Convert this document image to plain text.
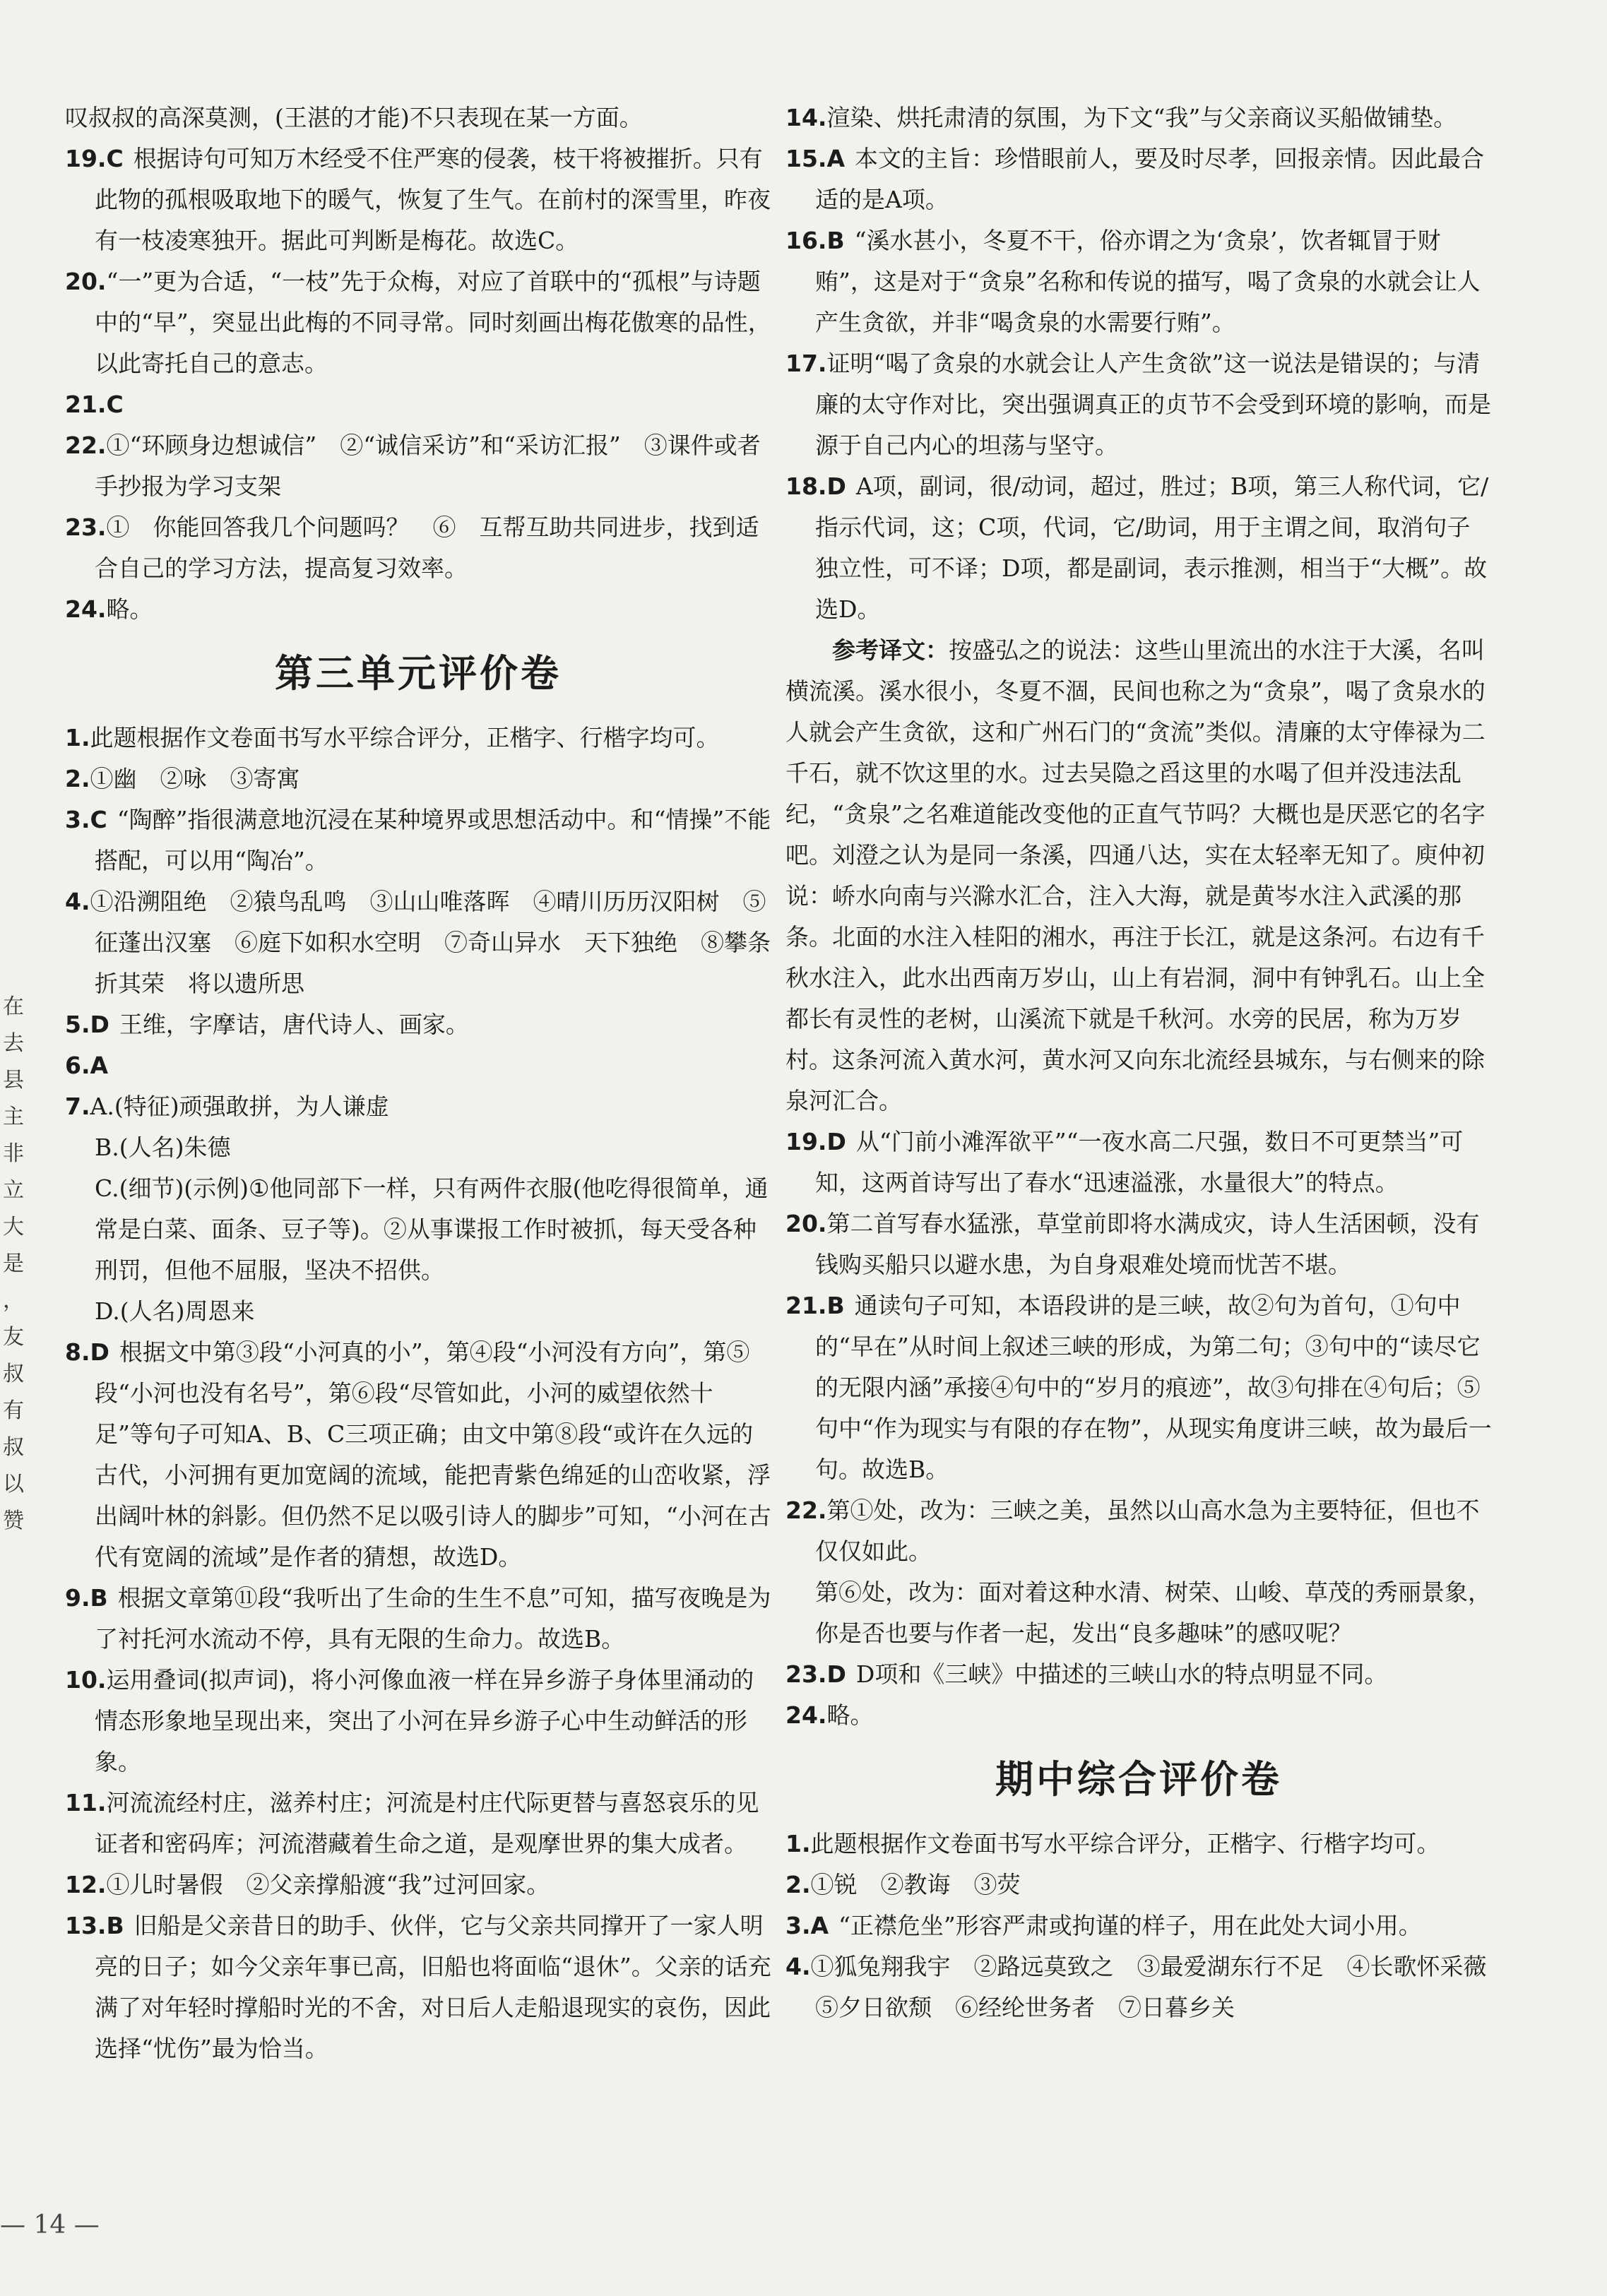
叹叔叔的高深莫测，(王湛的才能)不只表现在某一方面。
19.C 根据诗句可知万木经受不住严寒的侵袭，枝干将被摧折。只有此物的孤根吸取地下的暖气，恢复了生气。在前村的深雪里，昨夜有一枝凌寒独开。据此可判断是梅花。故选C。
20.“一”更为合适，“一枝”先于众梅，对应了首联中的“孤根”与诗题中的“早”，突显出此梅的不同寻常。同时刻画出梅花傲寒的品性，以此寄托自己的意志。
21.C
22.①“环顾身边想诚信”　②“诚信采访”和“采访汇报”　③课件或者手抄报为学习支架
23.①　你能回答我几个问题吗？　⑥　互帮互助共同进步，找到适合自己的学习方法，提高复习效率。
24.略。
第三单元评价卷
1.此题根据作文卷面书写水平综合评分，正楷字、行楷字均可。
2.①幽　②咏　③寄寓
3.C “陶醉”指很满意地沉浸在某种境界或思想活动中。和“情操”不能搭配，可以用“陶冶”。
4.①沿溯阻绝　②猿鸟乱鸣　③山山唯落晖　④晴川历历汉阳树　⑤征蓬出汉塞　⑥庭下如积水空明　⑦奇山异水　天下独绝　⑧攀条折其荣　将以遗所思
5.D 王维，字摩诘，唐代诗人、画家。
6.A
7.A.(特征)顽强敢拼，为人谦虚
B.(人名)朱德
C.(细节)(示例)①他同部下一样，只有两件衣服(他吃得很简单，通常是白菜、面条、豆子等)。②从事谍报工作时被抓，每天受各种刑罚，但他不屈服，坚决不招供。
D.(人名)周恩来
8.D 根据文中第③段“小河真的小”，第④段“小河没有方向”，第⑤段“小河也没有名号”，第⑥段“尽管如此，小河的威望依然十足”等句子可知A、B、C三项正确；由文中第⑧段“或许在久远的古代，小河拥有更加宽阔的流域，能把青紫色绵延的山峦收紧，浮出阔叶林的斜影。但仍然不足以吸引诗人的脚步”可知，“小河在古代有宽阔的流域”是作者的猜想，故选D。
9.B 根据文章第⑪段“我听出了生命的生生不息”可知，描写夜晚是为了衬托河水流动不停，具有无限的生命力。故选B。
10.运用叠词(拟声词)，将小河像血液一样在异乡游子身体里涌动的情态形象地呈现出来，突出了小河在异乡游子心中生动鲜活的形象。
11.河流流经村庄，滋养村庄；河流是村庄代际更替与喜怒哀乐的见证者和密码库；河流潜藏着生命之道，是观摩世界的集大成者。
12.①儿时暑假　②父亲撑船渡“我”过河回家。
13.B 旧船是父亲昔日的助手、伙伴，它与父亲共同撑开了一家人明亮的日子；如今父亲年事已高，旧船也将面临“退休”。父亲的话充满了对年轻时撑船时光的不舍，对日后人走船退现实的哀伤，因此选择“忧伤”最为恰当。
14.渲染、烘托肃清的氛围，为下文“我”与父亲商议买船做铺垫。
15.A 本文的主旨：珍惜眼前人，要及时尽孝，回报亲情。因此最合适的是A项。
16.B “溪水甚小，冬夏不干，俗亦谓之为‘贪泉’，饮者辄冒于财贿”，这是对于“贪泉”名称和传说的描写，喝了贪泉的水就会让人产生贪欲，并非“喝贪泉的水需要行贿”。
17.证明“喝了贪泉的水就会让人产生贪欲”这一说法是错误的；与清廉的太守作对比，突出强调真正的贞节不会受到环境的影响，而是源于自己内心的坦荡与坚守。
18.D A项，副词，很/动词，超过，胜过；B项，第三人称代词，它/指示代词，这；C项，代词，它/助词，用于主谓之间，取消句子独立性，可不译；D项，都是副词，表示推测，相当于“大概”。故选D。
参考译文：按盛弘之的说法：这些山里流出的水注于大溪，名叫横流溪。溪水很小，冬夏不涸，民间也称之为“贪泉”，喝了贪泉水的人就会产生贪欲，这和广州石门的“贪流”类似。清廉的太守俸禄为二千石，就不饮这里的水。过去吴隐之舀这里的水喝了但并没违法乱纪，“贪泉”之名难道能改变他的正直气节吗？大概也是厌恶它的名字吧。刘澄之认为是同一条溪，四通八达，实在太轻率无知了。庾仲初说：峤水向南与兴滁水汇合，注入大海，就是黄岑水注入武溪的那条。北面的水注入桂阳的湘水，再注于长江，就是这条河。右边有千秋水注入，此水出西南万岁山，山上有岩洞，洞中有钟乳石。山上全都长有灵性的老树，山溪流下就是千秋河。水旁的民居，称为万岁村。这条河流入黄水河，黄水河又向东北流经县城东，与右侧来的除泉河汇合。
19.D 从“门前小滩浑欲平”“一夜水高二尺强，数日不可更禁当”可知，这两首诗写出了春水“迅速溢涨，水量很大”的特点。
20.第二首写春水猛涨，草堂前即将水满成灾，诗人生活困顿，没有钱购买船只以避水患，为自身艰难处境而忧苦不堪。
21.B 通读句子可知，本语段讲的是三峡，故②句为首句，①句中的“早在”从时间上叙述三峡的形成，为第二句；③句中的“读尽它的无限内涵”承接④句中的“岁月的痕迹”，故③句排在④句后；⑤句中“作为现实与有限的存在物”，从现实角度讲三峡，故为最后一句。故选B。
22.第①处，改为：三峡之美，虽然以山高水急为主要特征，但也不仅仅如此。
第⑥处，改为：面对着这种水清、树荣、山峻、草茂的秀丽景象，你是否也要与作者一起，发出“良多趣味”的感叹呢？
23.D D项和《三峡》中描述的三峡山水的特点明显不同。
24.略。
期中综合评价卷
1.此题根据作文卷面书写水平综合评分，正楷字、行楷字均可。
2.①锐　②教诲　③荧
3.A “正襟危坐”形容严肃或拘谨的样子，用在此处大词小用。
4.①狐兔翔我宇　②路远莫致之　③最爱湖东行不足　④长歌怀采薇　⑤夕日欲颓　⑥经纶世务者　⑦日暮乡关
在 去 县 主 非 立 大 是 ， 友 叔 有 叔 以 赞
— 14 —
